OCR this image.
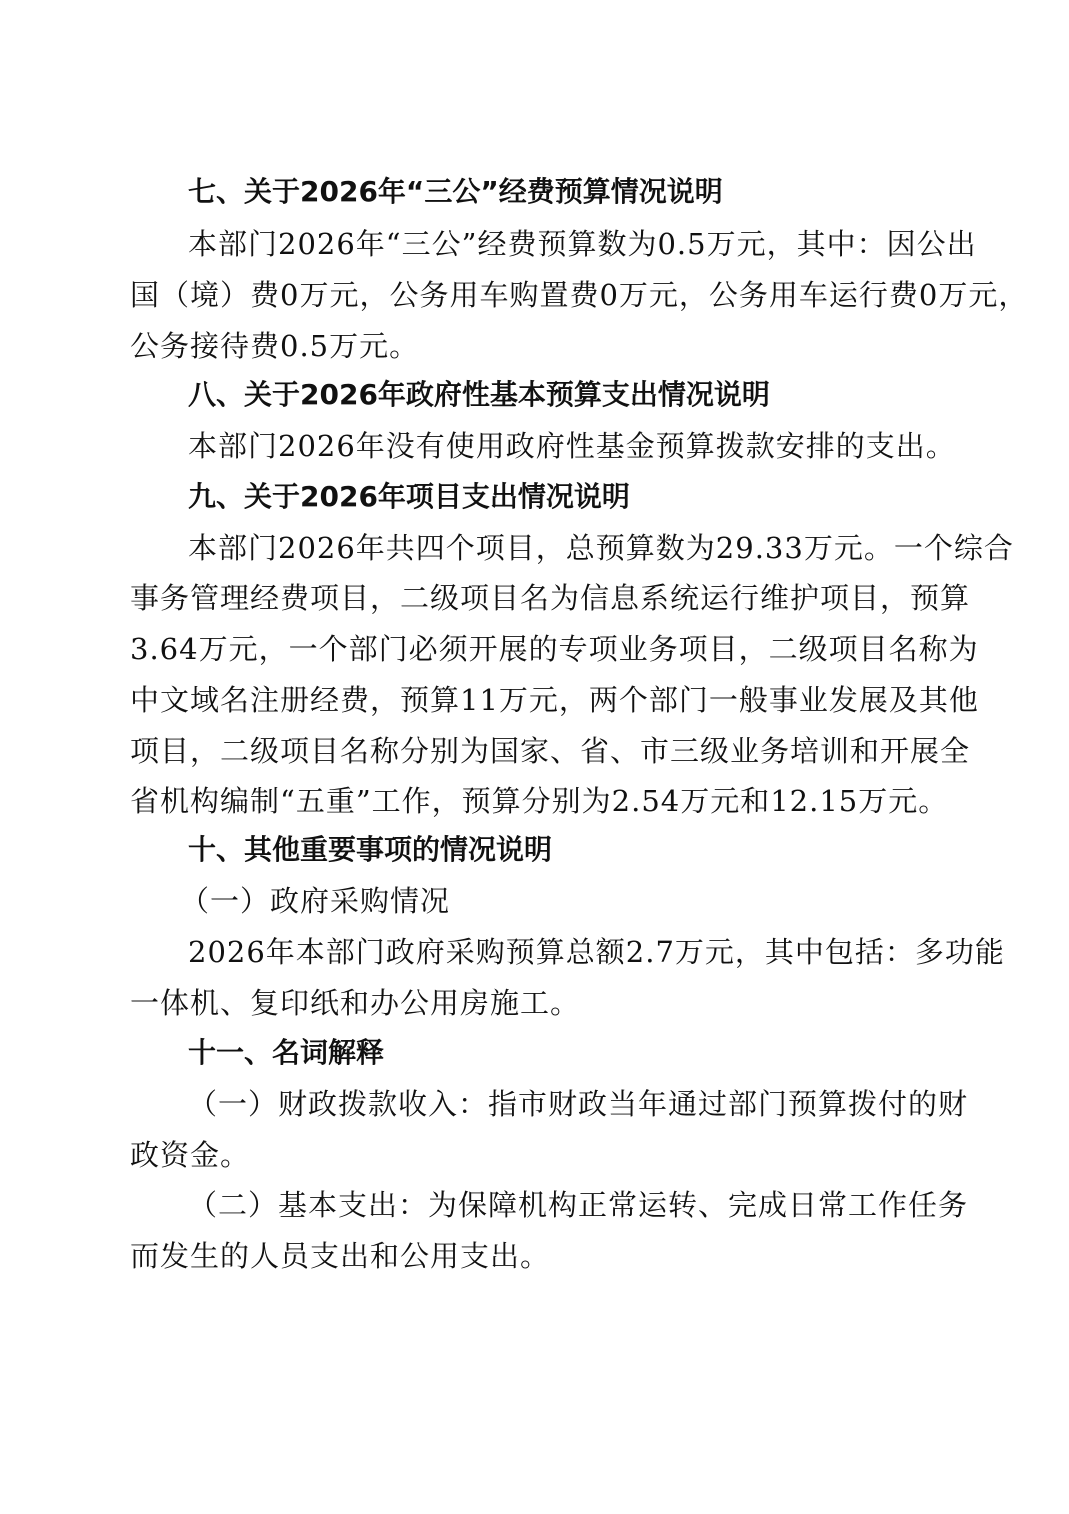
七、关于2026年“三公”经费预算情况说明
本部门2026年“三公”经费预算数为0.5万元，其中：因公出
国（境）费0万元，公务用车购置费0万元，公务用车运行费0万元，
公务接待费0.5万元。
八、关于2026年政府性基本预算支出情况说明
本部门2026年没有使用政府性基金预算拨款安排的支出。
九、关于2026年项目支出情况说明
本部门2026年共四个项目，总预算数为29.33万元。一个综合
事务管理经费项目，二级项目名为信息系统运行维护项目，预算
3.64万元，一个部门必须开展的专项业务项目，二级项目名称为
中文域名注册经费，预算11万元，两个部门一般事业发展及其他
项目，二级项目名称分别为国家、省、市三级业务培训和开展全
省机构编制“五重”工作，预算分别为2.54万元和12.15万元。
十、其他重要事项的情况说明
（一）政府采购情况
2026年本部门政府采购预算总额2.7万元，其中包括：多功能
一体机、复印纸和办公用房施工。
十一、名词解释
（一）财政拨款收入：指市财政当年通过部门预算拨付的财
政资金。
（二）基本支出：为保障机构正常运转、完成日常工作任务
而发生的人员支出和公用支出。
